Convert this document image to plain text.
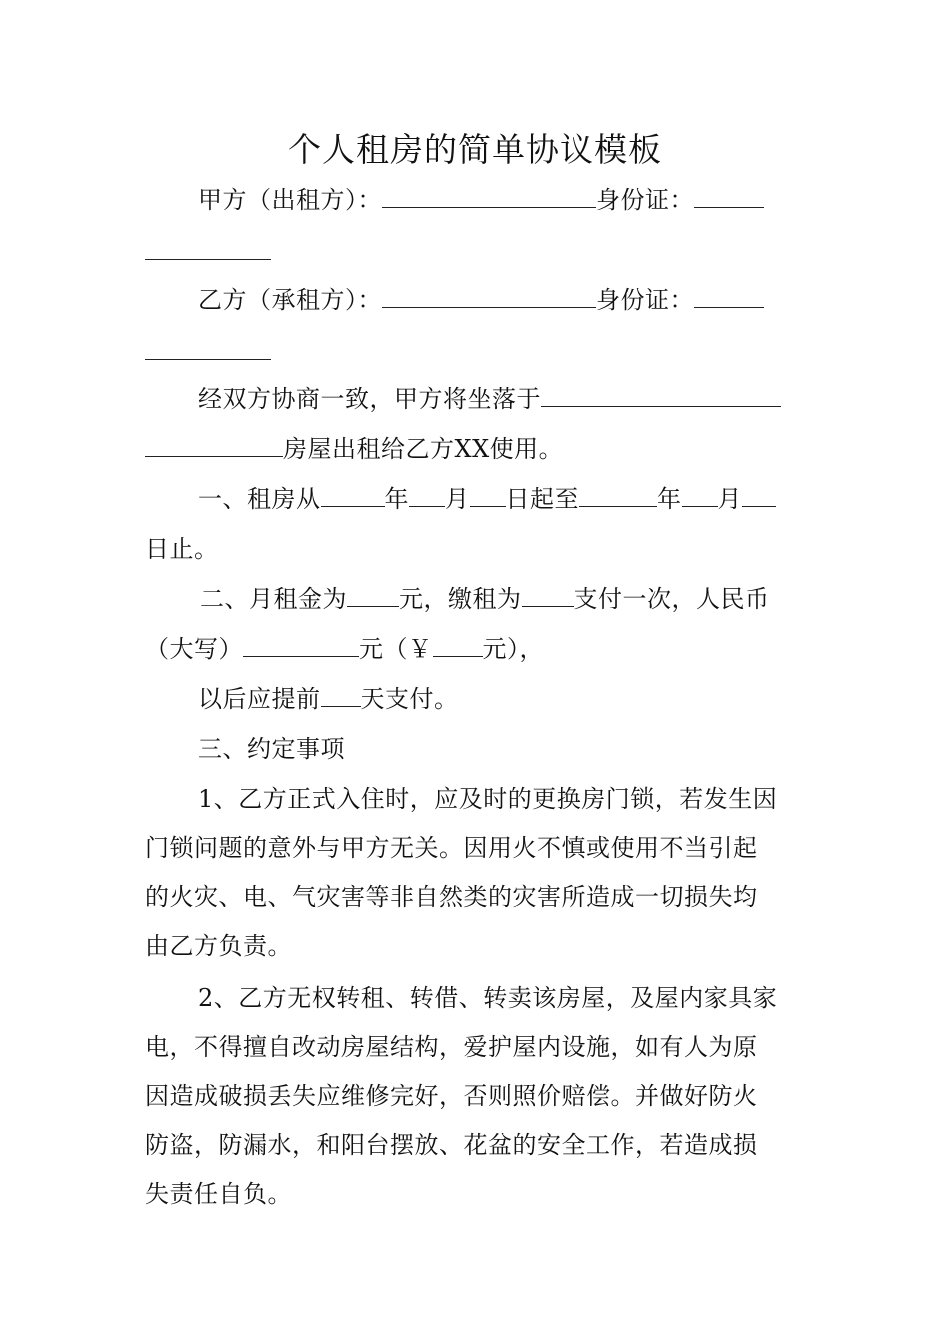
个人租房的简单协议模板
甲方（出租方）：	身份证：
乙方（承租方）：	身份证：
经双方协商一致，甲方将坐落于
房屋出租给乙方XX使用。
一、租房从	年 月 日起至	年 月
日止。
二、月租金为 元，缴租为 支付一次，人民币
（大写）	元（￥ 元），
以后应提前 天支付。
三、约定事项
1、乙方正式入住时，应及时的更换房门锁，若发生因
门锁问题的意外与甲方无关。因用火不慎或使用不当引起
的火灾、电、气灾害等非自然类的灾害所造成一切损失均
由乙方负责。
2、乙方无权转租、转借、转卖该房屋，及屋内家具家
电，不得擅自改动房屋结构，爱护屋内设施，如有人为原
因造成破损丢失应维修完好，否则照价赔偿。并做好防火
防盗，防漏水，和阳台摆放、花盆的安全工作，若造成损
失责任自负。
